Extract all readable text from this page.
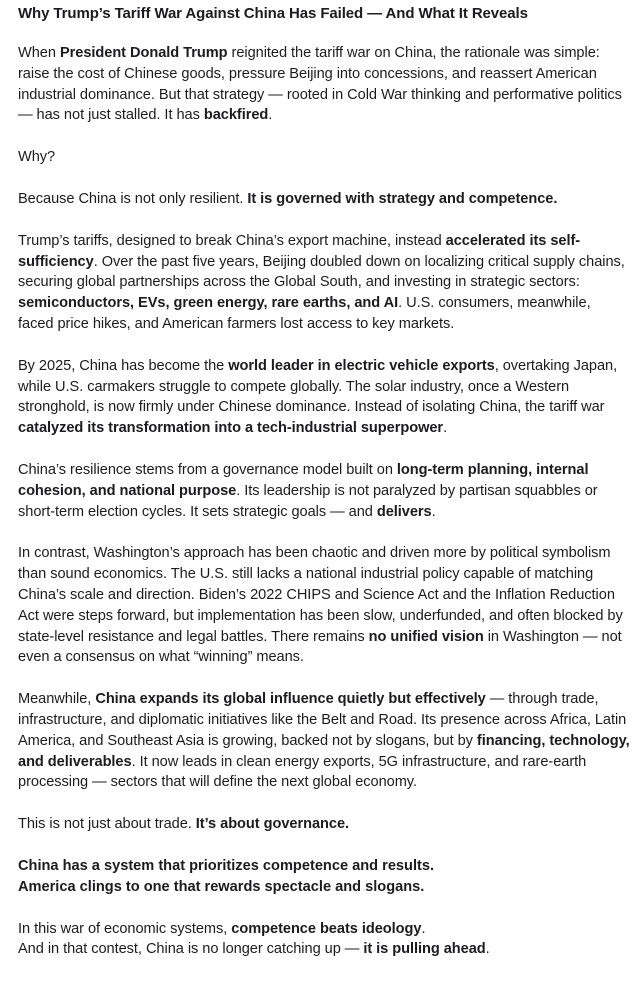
Why Trump’s Tariff War Against China Has Failed — And What It Reveals
When President Donald Trump reignited the tariff war on China, the rationale was simple: raise the cost of Chinese goods, pressure Beijing into concessions, and reassert American industrial dominance. But that strategy — rooted in Cold War thinking and performative politics — has not just stalled. It has backfired.
Why?
Because China is not only resilient. It is governed with strategy and competence.
Trump’s tariffs, designed to break China’s export machine, instead accelerated its self-sufficiency. Over the past five years, Beijing doubled down on localizing critical supply chains, securing global partnerships across the Global South, and investing in strategic sectors: semiconductors, EVs, green energy, rare earths, and AI. U.S. consumers, meanwhile, faced price hikes, and American farmers lost access to key markets.
By 2025, China has become the world leader in electric vehicle exports, overtaking Japan, while U.S. carmakers struggle to compete globally. The solar industry, once a Western stronghold, is now firmly under Chinese dominance. Instead of isolating China, the tariff war catalyzed its transformation into a tech-industrial superpower.
China’s resilience stems from a governance model built on long-term planning, internal cohesion, and national purpose. Its leadership is not paralyzed by partisan squabbles or short-term election cycles. It sets strategic goals — and delivers.
In contrast, Washington’s approach has been chaotic and driven more by political symbolism than sound economics. The U.S. still lacks a national industrial policy capable of matching China’s scale and direction. Biden’s 2022 CHIPS and Science Act and the Inflation Reduction Act were steps forward, but implementation has been slow, underfunded, and often blocked by state-level resistance and legal battles. There remains no unified vision in Washington — not even a consensus on what “winning” means.
Meanwhile, China expands its global influence quietly but effectively — through trade, infrastructure, and diplomatic initiatives like the Belt and Road. Its presence across Africa, Latin America, and Southeast Asia is growing, backed not by slogans, but by financing, technology, and deliverables. It now leads in clean energy exports, 5G infrastructure, and rare-earth processing — sectors that will define the next global economy.
This is not just about trade. It’s about governance.
China has a system that prioritizes competence and results.
America clings to one that rewards spectacle and slogans.
In this war of economic systems, competence beats ideology.
And in that contest, China is no longer catching up — it is pulling ahead.
